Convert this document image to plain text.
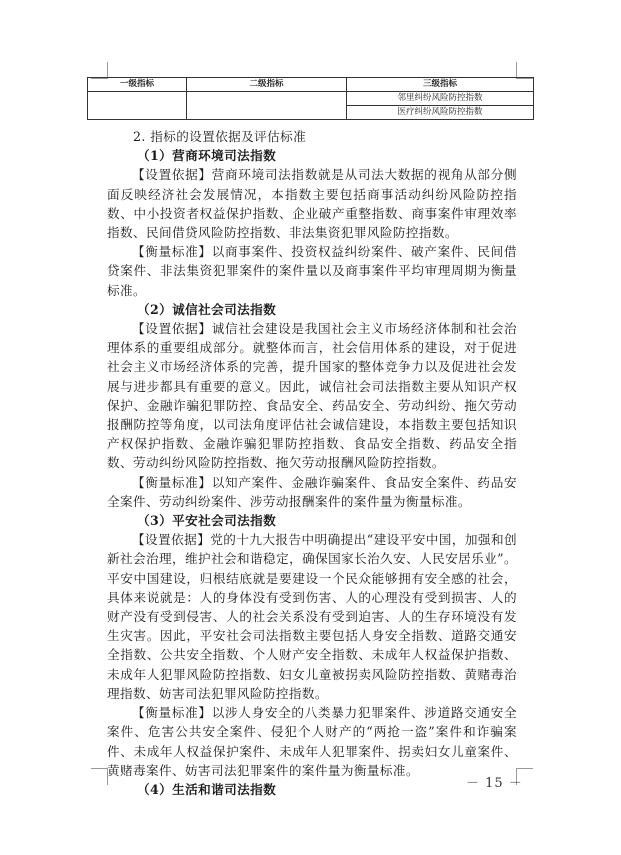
一级指标	二级指标	三级指标
		邻里纠纷风险防控指数
		医疗纠纷风险防控指数

2. 指标的设置依据及评估标准

（1）营商环境司法指数

【设置依据】营商环境司法指数就是从司法大数据的视角从部分侧面反映经济社会发展情况，本指数主要包括商事活动纠纷风险防控指数、中小投资者权益保护指数、企业破产重整指数、商事案件审理效率指数、民间借贷风险防控指数、非法集资犯罪风险防控指数。

【衡量标准】以商事案件、投资权益纠纷案件、破产案件、民间借贷案件、非法集资犯罪案件的案件量以及商事案件平均审理周期为衡量标准。

（2）诚信社会司法指数

【设置依据】诚信社会建设是我国社会主义市场经济体制和社会治理体系的重要组成部分。就整体而言，社会信用体系的建设，对于促进社会主义市场经济体系的完善，提升国家的整体竞争力以及促进社会发展与进步都具有重要的意义。因此，诚信社会司法指数主要从知识产权保护、金融诈骗犯罪防控、食品安全、药品安全、劳动纠纷、拖欠劳动报酬防控等角度，以司法角度评估社会诚信建设，本指数主要包括知识产权保护指数、金融诈骗犯罪防控指数、食品安全指数、药品安全指数、劳动纠纷风险防控指数、拖欠劳动报酬风险防控指数。

【衡量标准】以知产案件、金融诈骗案件、食品安全案件、药品安全案件、劳动纠纷案件、涉劳动报酬案件的案件量为衡量标准。

（3）平安社会司法指数

【设置依据】党的十九大报告中明确提出“建设平安中国，加强和创新社会治理，维护社会和谐稳定，确保国家长治久安、人民安居乐业”。平安中国建设，归根结底就是要建设一个民众能够拥有安全感的社会，具体来说就是：人的身体没有受到伤害、人的心理没有受到损害、人的财产没有受到侵害、人的社会关系没有受到迫害、人的生存环境没有发生灾害。因此，平安社会司法指数主要包括人身安全指数、道路交通安全指数、公共安全指数、个人财产安全指数、未成年人权益保护指数、未成年人犯罪风险防控指数、妇女儿童被拐卖风险防控指数、黄赌毒治理指数、妨害司法犯罪风险防控指数。

【衡量标准】以涉人身安全的八类暴力犯罪案件、涉道路交通安全案件、危害公共安全案件、侵犯个人财产的“两抢一盗”案件和诈骗案件、未成年人权益保护案件、未成年人犯罪案件、拐卖妇女儿童案件、黄赌毒案件、妨害司法犯罪案件的案件量为衡量标准。

（4）生活和谐司法指数	－ 15 －
